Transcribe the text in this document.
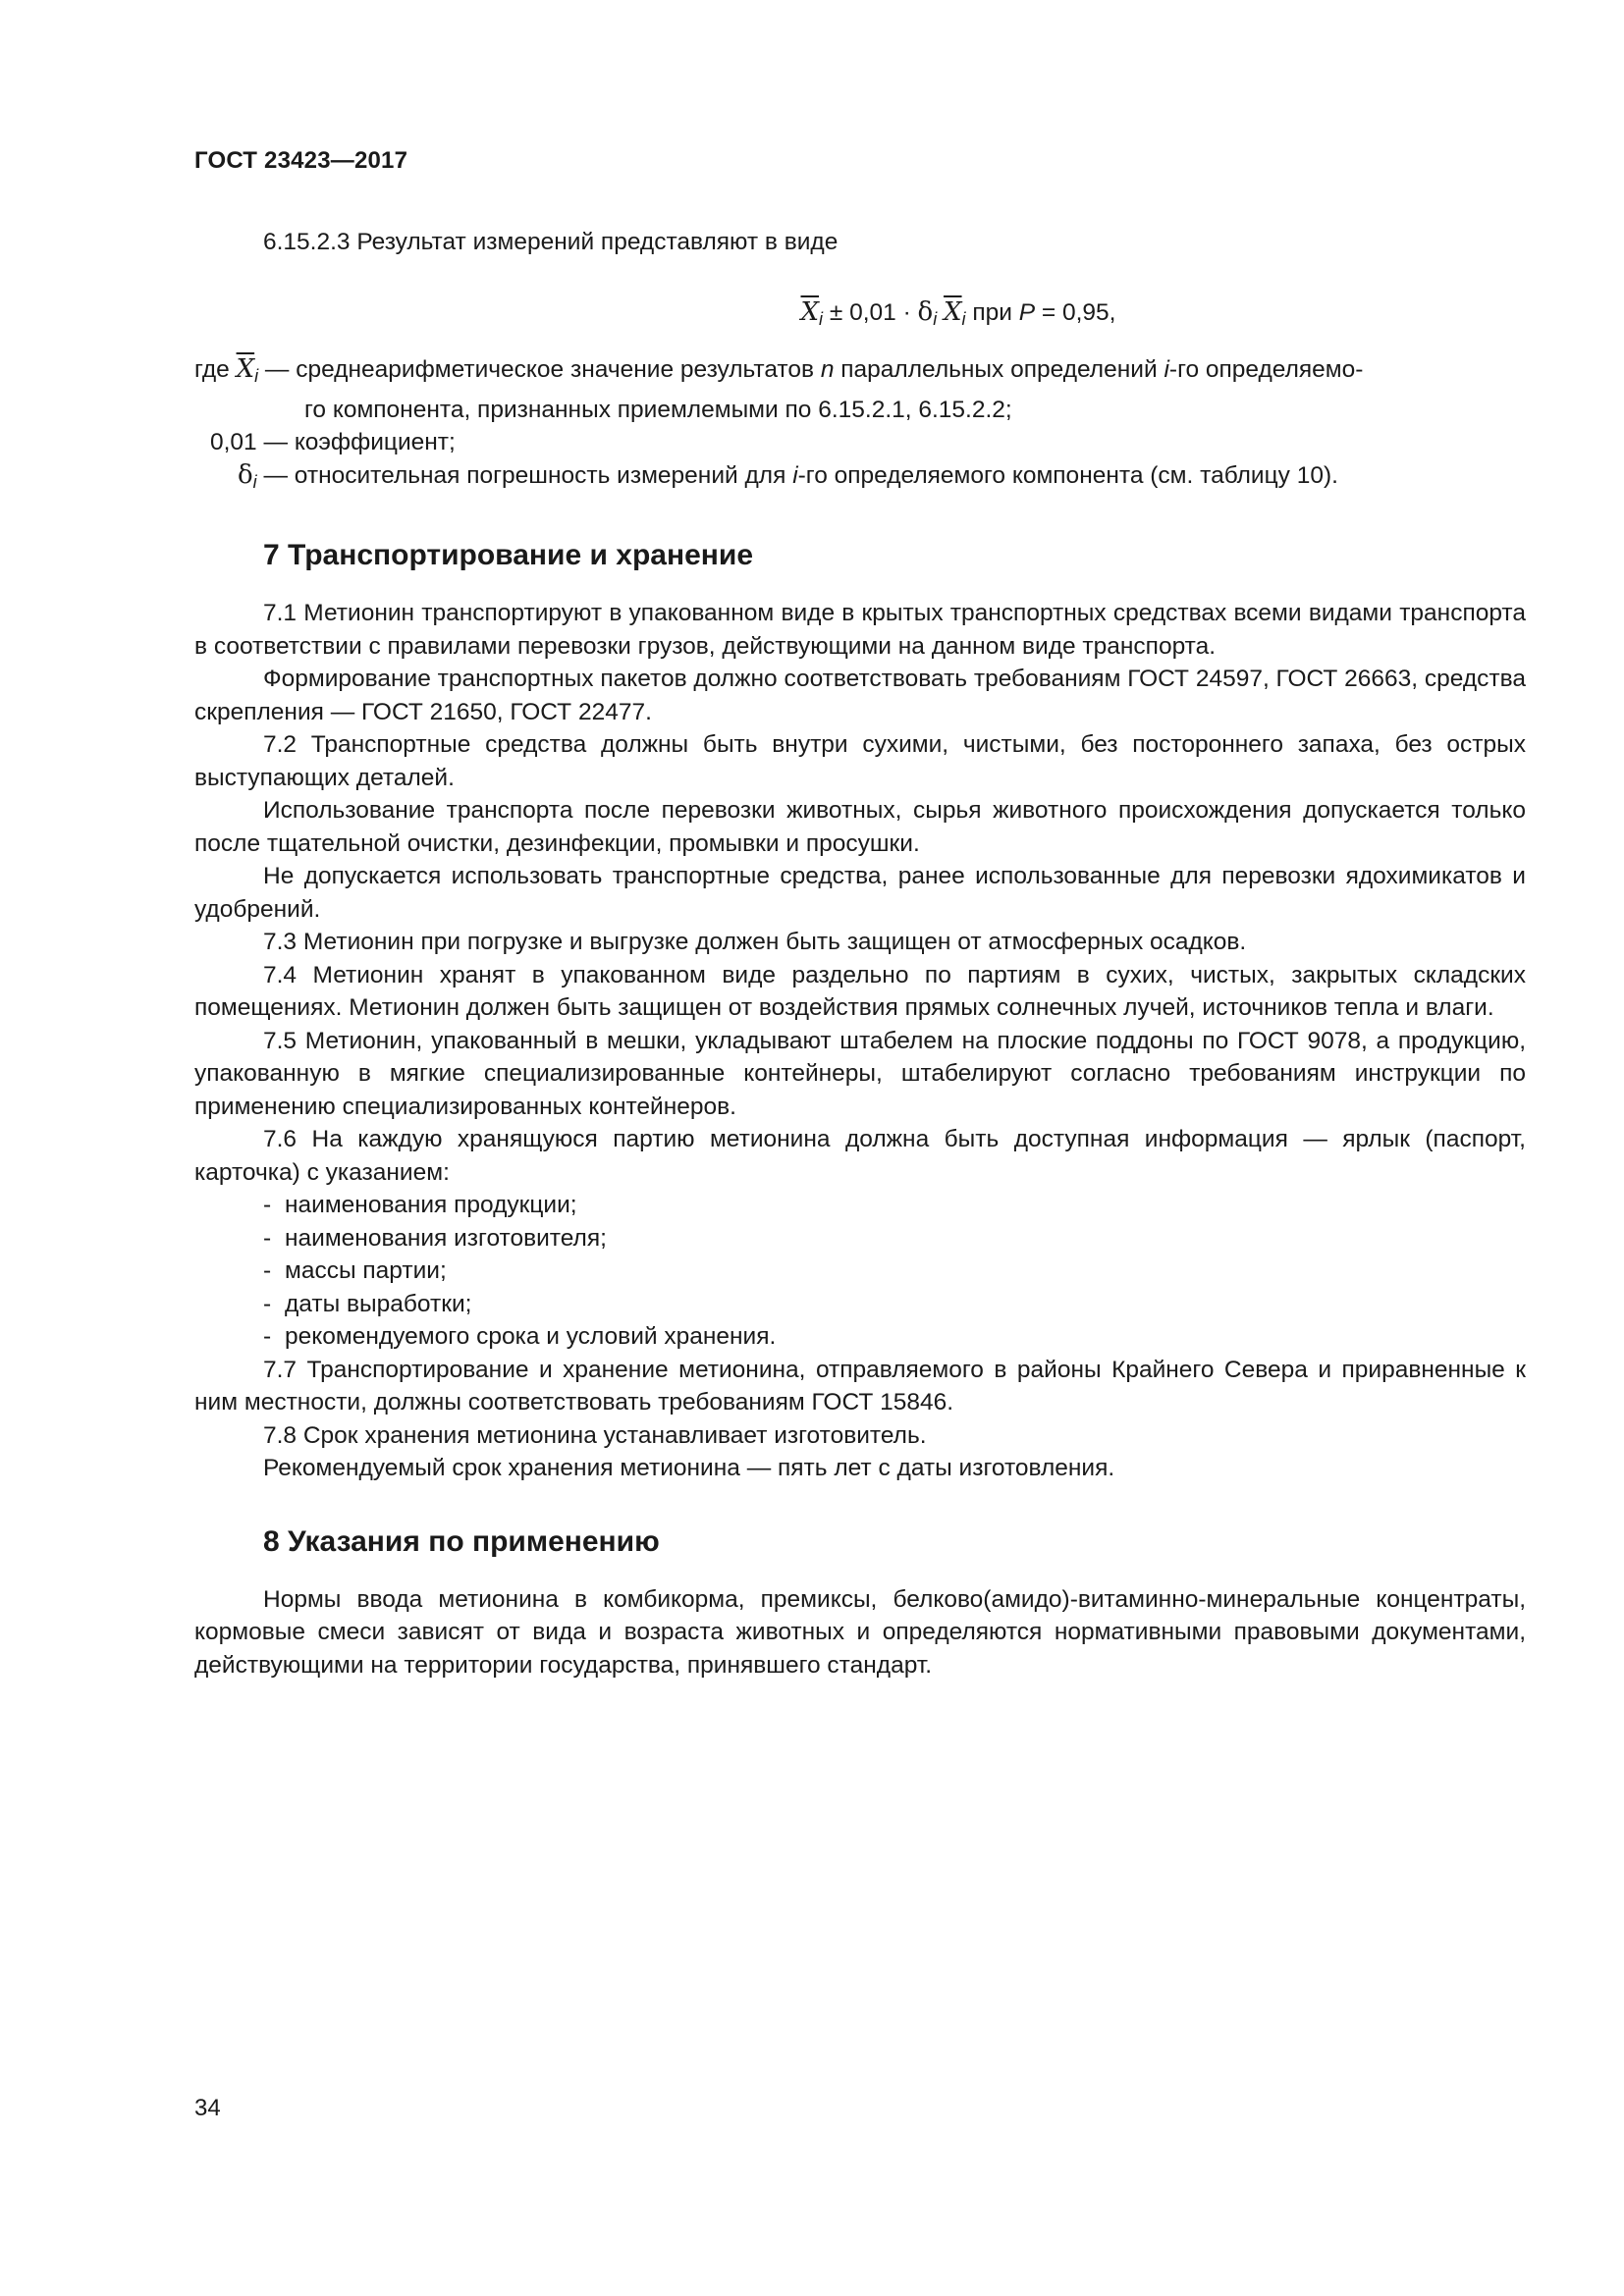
ГОСТ 23423—2017

6.15.2.3 Результат измерений представляют в виде

$\overline{X}_i \pm 0,01 \cdot \delta_i$ $\overline{X}_i$ при P = 0,95,
где $\overline{X}_i$ — среднеарифметическое значение результатов n параллельных определений i-го определяемо-
го компонента, признанных приемлемыми по 6.15.2.1, 6.15.2.2;
0,01 — коэффициент;
$\delta_i$ — относительная погрешность измерений для i-го определяемого компонента (см. таблицу 10).
7 Транспортирование и хранение

7.1 Метионин транспортируют в упакованном виде в крытых транспортных средствах всеми видами транспорта в соответствии с правилами перевозки грузов, действующими на данном виде транспорта.

Формирование транспортных пакетов должно соответствовать требованиям ГОСТ 24597, ГОСТ 26663, средства скрепления — ГОСТ 21650, ГОСТ 22477.

7.2 Транспортные средства должны быть внутри сухими, чистыми, без постороннего запаха, без острых выступающих деталей.

Использование транспорта после перевозки животных, сырья животного происхождения допускается только после тщательной очистки, дезинфекции, промывки и просушки.

Не допускается использовать транспортные средства, ранее использованные для перевозки ядохимикатов и удобрений.

7.3 Метионин при погрузке и выгрузке должен быть защищен от атмосферных осадков.

7.4 Метионин хранят в упакованном виде раздельно по партиям в сухих, чистых, закрытых складских помещениях. Метионин должен быть защищен от воздействия прямых солнечных лучей, источников тепла и влаги.

7.5 Метионин, упакованный в мешки, укладывают штабелем на плоские поддоны по ГОСТ 9078, а продукцию, упакованную в мягкие специализированные контейнеры, штабелируют согласно требованиям инструкции по применению специализированных контейнеров.

7.6 На каждую хранящуюся партию метионина должна быть доступная информация — ярлык (паспорт, карточка) с указанием:

- наименования продукции;
- наименования изготовителя;
- массы партии;
- даты выработки;
- рекомендуемого срока и условий хранения.

7.7 Транспортирование и хранение метионина, отправляемого в районы Крайнего Севера и приравненные к ним местности, должны соответствовать требованиям ГОСТ 15846.

7.8 Срок хранения метионина устанавливает изготовитель.

Рекомендуемый срок хранения метионина — пять лет с даты изготовления.

8 Указания по применению

Нормы ввода метионина в комбикорма, премиксы, белково(амидо)-витаминно-минеральные концентраты, кормовые смеси зависят от вида и возраста животных и определяются нормативными правовыми документами, действующими на территории государства, принявшего стандарт.

34
